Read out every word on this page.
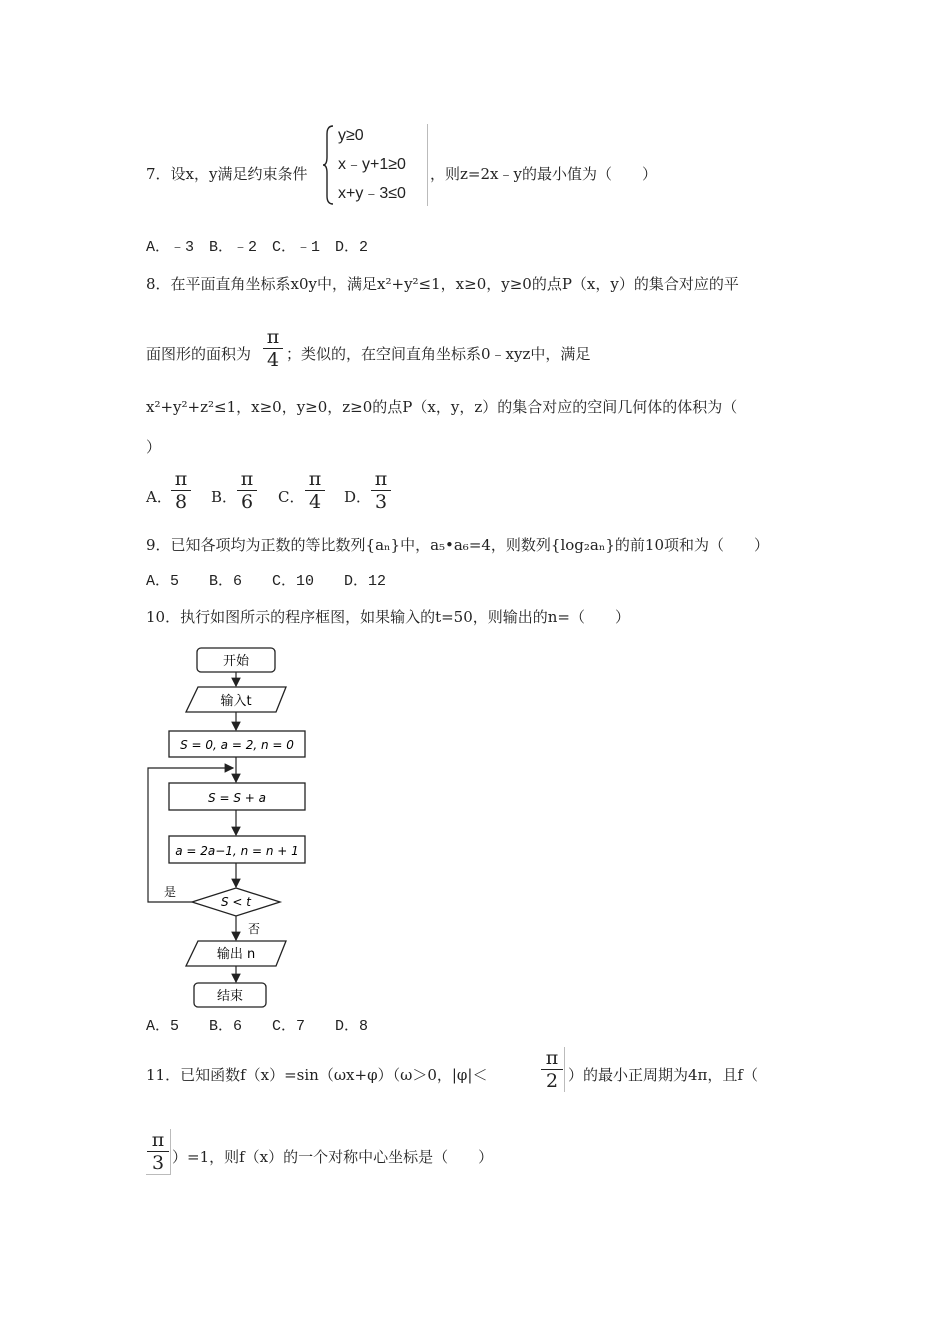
7．设x，y满足约束条件
y≥0
x﹣y+1≥0
x+y﹣3≤0
，则z=2x﹣y的最小值为（　　）
A．﹣3　B．﹣2　C．﹣1　D．2
8．在平面直角坐标系x0y中，满足x²+y²≤1，x≥0，y≥0的点P（x，y）的集合对应的平
面图形的面积为
π
4 ；类似的，在空间直角坐标系0﹣xyz中，满足
x²+y²+z²≤1，x≥0，y≥0，z≥0的点P（x，y，z）的集合对应的空间几何体的体积为（
）
A．
π
8	B．
π
6	C．
π
4	D．
π
3
9．已知各项均为正数的等比数列{aₙ}中，a₅•a₆=4，则数列{log₂aₙ}的前10项和为（　　）
A．5　　B．6　　C．10　　D．12
10．执行如图所示的程序框图，如果输入的t=50，则输出的n=（　　）
开始
输入t
S = 0, a = 2, n = 0
S = S + a
a = 2a−1, n = n + 1
S < t
是
否
输出 n
结束
A．5　　B．6　　C．7　　D．8
11．已知函数f（x）=sin（ωx+φ）（ω＞0，|φ|＜
π
2 ）的最小正周期为4π，且f（
π
3 ）=1，则f（x）的一个对称中心坐标是（　　）
